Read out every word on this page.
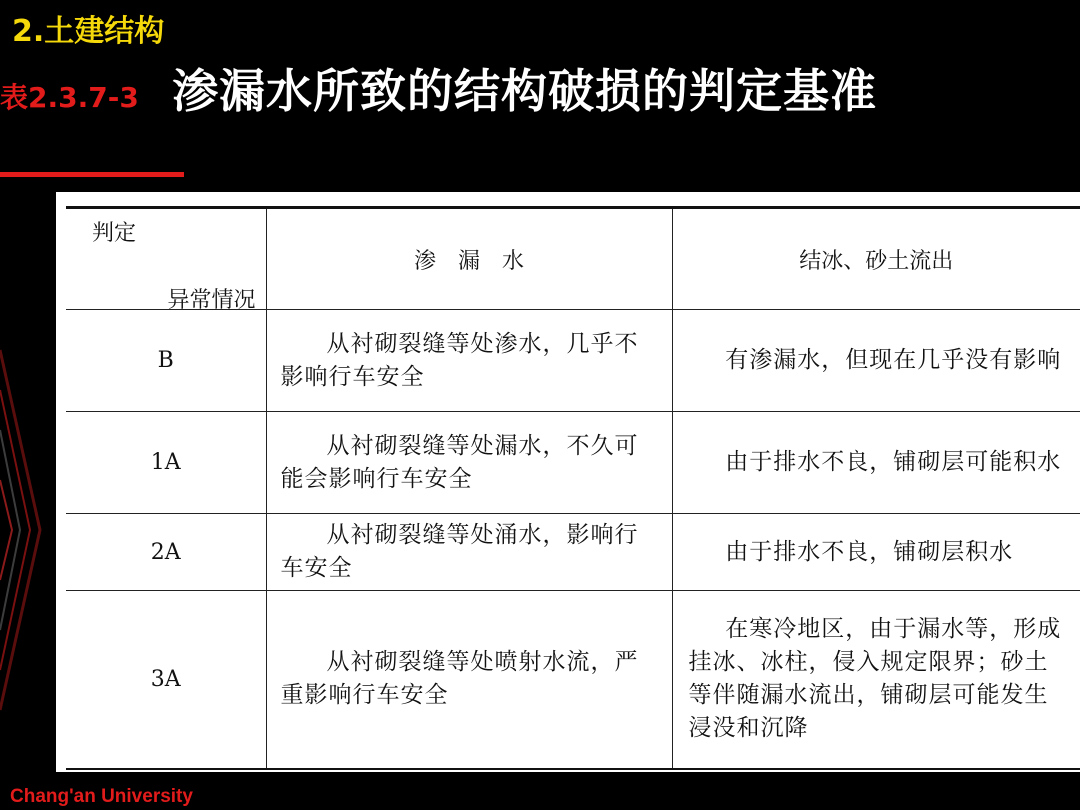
2.土建结构
表2.3.7-3 渗漏水所致的结构破损的判定基准
异常情况
判定	渗　漏　水	结冰、砂土流出
B	从衬砌裂缝等处渗水，几乎不影响行车安全	有渗漏水，但现在几乎没有影响
1A	从衬砌裂缝等处漏水，不久可能会影响行车安全	由于排水不良，铺砌层可能积水
2A	从衬砌裂缝等处涌水，影响行车安全	由于排水不良，铺砌层积水
3A	从衬砌裂缝等处喷射水流，严重影响行车安全	在寒冷地区，由于漏水等，形成挂冰、冰柱，侵入规定限界；砂土等伴随漏水流出，铺砌层可能发生浸没和沉降
Chang'an University
